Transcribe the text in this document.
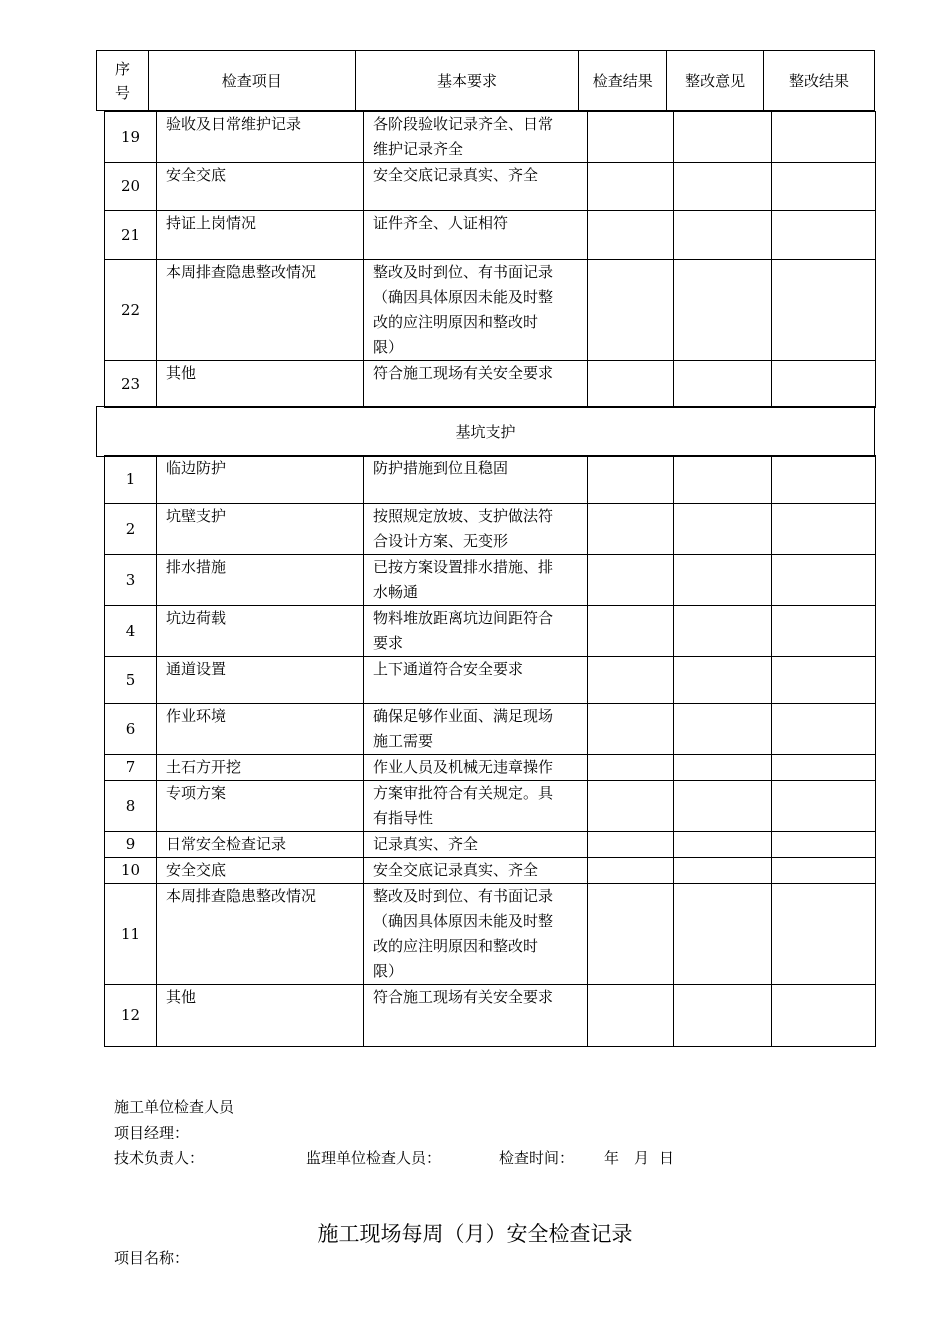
序
号
	检查项目	基本要求	检查结果	整改意见	整改结果
19	验收及日常维护记录	各阶段验收记录齐全、日常
维护记录齐全			

20	安全交底	安全交底记录真实、齐全			

21	持证上岗情况	证件齐全、人证相符			

22	本周排查隐患整改情况	整改及时到位、有书面记录
（确因具体原因未能及时整
改的应注明原因和整改时
限）			

23	其他	符合施工现场有关安全要求			

基坑支护
1	临边防护	防护措施到位且稳固			

2	坑壁支护	按照规定放坡、支护做法符
合设计方案、无变形			

3	排水措施	已按方案设置排水措施、排
水畅通			

4	坑边荷载	物料堆放距离坑边间距符合
要求			

5	通道设置	上下通道符合安全要求			

6	作业环境	确保足够作业面、满足现场
施工需要			

7	土石方开挖	作业人员及机械无违章操作			

8	专项方案	方案审批符合有关规定。具
有指导性			

9	日常安全检查记录	记录真实、齐全			

10	安全交底	安全交底记录真实、齐全			

11	本周排查隐患整改情况	整改及时到位、有书面记录
（确因具体原因未能及时整
改的应注明原因和整改时
限）			

12	其他	符合施工现场有关安全要求			

施工单位检查人员
项目经理：
技术负责人：	监理单位检查人员：	检查时间： 年 月 日
施工现场每周（月）安全检查记录
项目名称：
